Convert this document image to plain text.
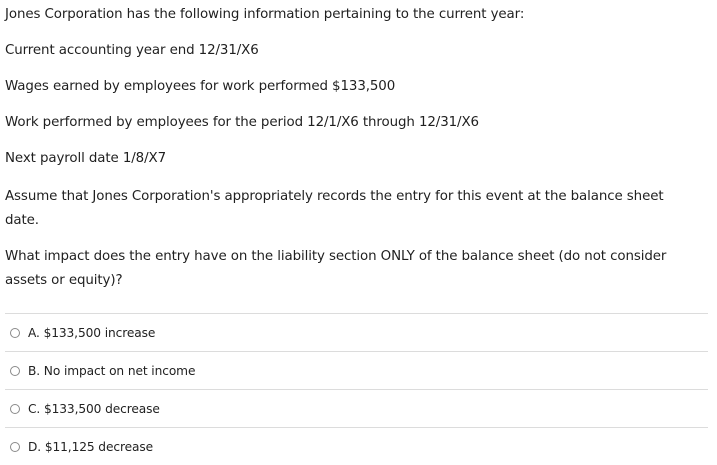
Jones Corporation has the following information pertaining to the current year:

Current accounting year end 12/31/X6

Wages earned by employees for work performed $133,500

Work performed by employees for the period 12/1/X6 through 12/31/X6

Next payroll date 1/8/X7

Assume that Jones Corporation's appropriately records the entry for this event at the balance sheet date.

What impact does the entry have on the liability section ONLY of the balance sheet (do not consider assets or equity)?

A. $133,500 increase
B. No impact on net income
C. $133,500 decrease
D. $11,125 decrease
